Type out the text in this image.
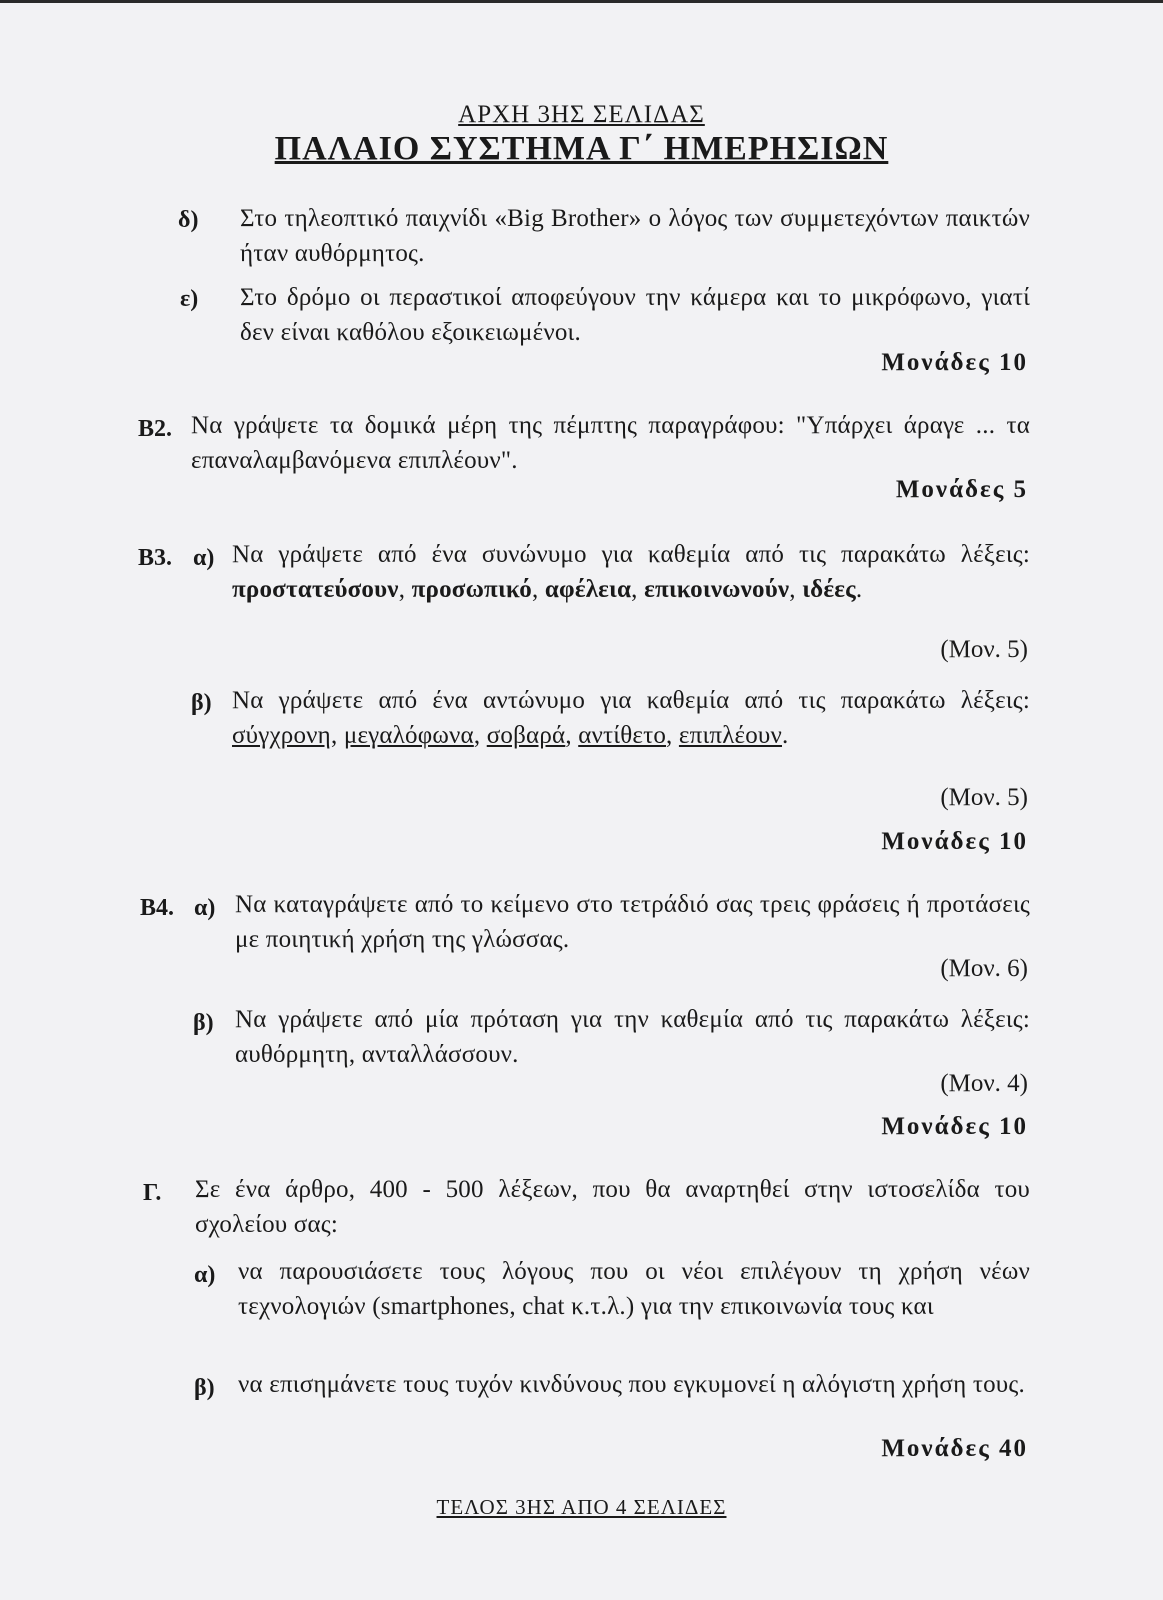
ΑΡΧΗ 3ΗΣ ΣΕΛΙΔΑΣ
ΠΑΛΑΙΟ ΣΥΣΤΗΜΑ Γ΄ ΗΜΕΡΗΣΙΩΝ
δ) Στο τηλεοπτικό παιχνίδι «Big Brother» ο λόγος των συμμετεχόντων παικτών ήταν αυθόρμητος.
ε) Στο δρόμο οι περαστικοί αποφεύγουν την κάμερα και το μικρόφωνο, γιατί δεν είναι καθόλου εξοικειωμένοι.
Μονάδες 10
Β2. Να γράψετε τα δομικά μέρη της πέμπτης παραγράφου: "Υπάρχει άραγε ... τα επαναλαμβανόμενα επιπλέουν".
Μονάδες 5
Β3. α) Να γράψετε από ένα συνώνυμο για καθεμία από τις παρακάτω λέξεις: προστατεύσουν, προσωπικό, αφέλεια, επικοινωνούν, ιδέες.
(Μον. 5)
β) Να γράψετε από ένα αντώνυμο για καθεμία από τις παρακάτω λέξεις: σύγχρονη, μεγαλόφωνα, σοβαρά, αντίθετο, επιπλέουν.
(Μον. 5)
Μονάδες 10
Β4. α) Να καταγράψετε από το κείμενο στο τετράδιό σας τρεις φράσεις ή προτάσεις με ποιητική χρήση της γλώσσας.
(Μον. 6)
β) Να γράψετε από μία πρόταση για την καθεμία από τις παρακάτω λέξεις: αυθόρμητη, ανταλλάσσουν.
(Μον. 4)
Μονάδες 10
Γ. Σε ένα άρθρο, 400 - 500 λέξεων, που θα αναρτηθεί στην ιστοσελίδα του σχολείου σας:
α) να παρουσιάσετε τους λόγους που οι νέοι επιλέγουν τη χρήση νέων τεχνολογιών (smartphones, chat κ.τ.λ.) για την επικοινωνία τους και
β) να επισημάνετε τους τυχόν κινδύνους που εγκυμονεί η αλόγιστη χρήση τους.
Μονάδες 40
ΤΕΛΟΣ 3ΗΣ ΑΠΟ 4 ΣΕΛΙΔΕΣ
